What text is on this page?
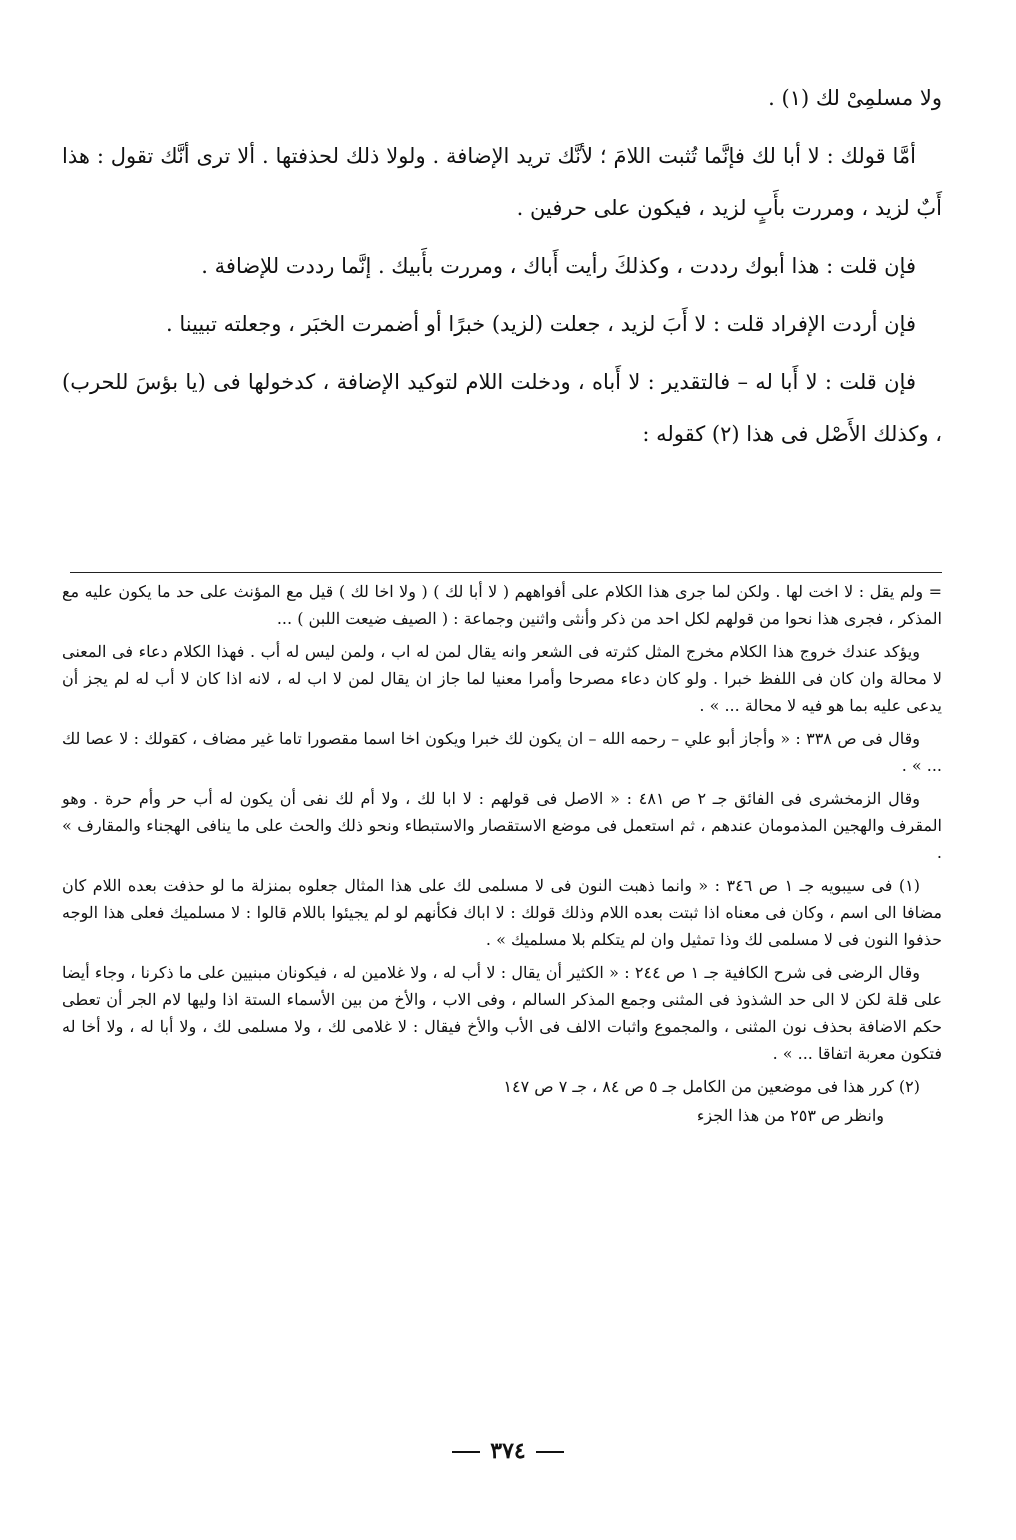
ولا مسلمِىْ لك (١) .

أمَّا قولك : لا أبا لك فإنَّما تُثبت اللامَ ؛ لأنَّك تريد الإضافة . ولولا ذلك لحذفتها . ألا ترى أنَّك تقول : هذا أَبٌ لزيد ، ومررت بأَبٍ لزيد ، فيكون على حرفين .

فإن قلت : هذا أبوك رددت ، وكذلكَ رأيت أَباك ، ومررت بأَبيك . إنَّما رددت للإضافة .

فإن أردت الإفراد قلت : لا أَبَ لزيد ، جعلت (لزيد) خبرًا أو أضمرت الخبَر ، وجعلته تبيينا .

فإن قلت : لا أَبا له – فالتقدير : لا أَباه ، ودخلت اللام لتوكيد الإضافة ، كدخولها فى (يا بؤسَ للحرب) ، وكذلك الأَصْل فى هذا (٢) كقوله :

= ولم يقل : لا اخت لها . ولكن لما جرى هذا الكلام على أفواههم ( لا أبا لك ) ( ولا اخا لك ) قيل مع المؤنث على حد ما يكون عليه مع المذكر ، فجرى هذا نحوا من قولهم لكل احد من ذكر وأنثى واثنين وجماعة : ( الصيف ضيعت اللبن ) ...

ويؤكد عندك خروج هذا الكلام مخرج المثل كثرته فى الشعر وانه يقال لمن له اب ، ولمن ليس له أب . فهذا الكلام دعاء فى المعنى لا محالة وان كان فى اللفظ خبرا . ولو كان دعاء مصرحا وأمرا معنيا لما جاز ان يقال لمن لا اب له ، لانه اذا كان لا أب له لم يجز أن يدعى عليه بما هو فيه لا محالة ... » .

وقال فى ص ٣٣٨ : « وأجاز أبو علي – رحمه الله – ان يكون لك خبرا ويكون اخا اسما مقصورا تاما غير مضاف ، كقولك : لا عصا لك ... » .

وقال الزمخشرى فى الفائق جـ ٢ ص ٤٨١ : « الاصل فى قولهم : لا ابا لك ، ولا أم لك نفى أن يكون له أب حر وأم حرة . وهو المقرف والهجين المذمومان عندهم ، ثم استعمل فى موضع الاستقصار والاستبطاء ونحو ذلك والحث على ما ينافى الهجناء والمقارف » .

(١) فى سيبويه جـ ١ ص ٣٤٦ : « وانما ذهبت النون فى لا مسلمى لك على هذا المثال جعلوه بمنزلة ما لو حذفت بعده اللام كان مضافا الى اسم ، وكان فى معناه اذا ثبتت بعده اللام وذلك قولك : لا اباك فكأنهم لو لم يجيئوا باللام قالوا : لا مسلميك فعلى هذا الوجه حذفوا النون فى لا مسلمى لك وذا تمثيل وان لم يتكلم بلا مسلميك » .

وقال الرضى فى شرح الكافية جـ ١ ص ٢٤٤ : « الكثير أن يقال : لا أب له ، ولا غلامين له ، فيكونان مبنيين على ما ذكرنا ، وجاء أيضا على قلة لكن لا الى حد الشذوذ فى المثنى وجمع المذكر السالم ، وفى الاب ، والأخ من بين الأسماء الستة اذا وليها لام الجر أن تعطى حكم الاضافة بحذف نون المثنى ، والمجموع واثبات الالف فى الأب والأخ فيقال : لا غلامى لك ، ولا مسلمى لك ، ولا أبا له ، ولا أخا له فتكون معربة اتفاقا ... » .

(٢) كرر هذا فى موضعين من الكامل جـ ٥ ص ٨٤ ، جـ ٧ ص ١٤٧

وانظر ص ٢٥٣ من هذا الجزء

٣٧٤
